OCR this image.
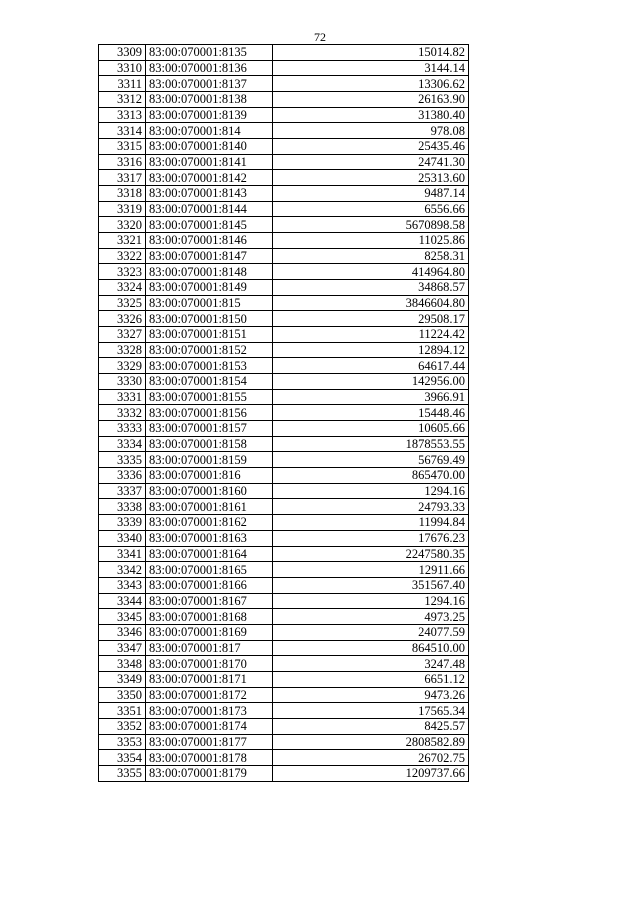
72
3309	83:00:070001:8135	15014.82
3310	83:00:070001:8136	3144.14
3311	83:00:070001:8137	13306.62
3312	83:00:070001:8138	26163.90
3313	83:00:070001:8139	31380.40
3314	83:00:070001:814	978.08
3315	83:00:070001:8140	25435.46
3316	83:00:070001:8141	24741.30
3317	83:00:070001:8142	25313.60
3318	83:00:070001:8143	9487.14
3319	83:00:070001:8144	6556.66
3320	83:00:070001:8145	5670898.58
3321	83:00:070001:8146	11025.86
3322	83:00:070001:8147	8258.31
3323	83:00:070001:8148	414964.80
3324	83:00:070001:8149	34868.57
3325	83:00:070001:815	3846604.80
3326	83:00:070001:8150	29508.17
3327	83:00:070001:8151	11224.42
3328	83:00:070001:8152	12894.12
3329	83:00:070001:8153	64617.44
3330	83:00:070001:8154	142956.00
3331	83:00:070001:8155	3966.91
3332	83:00:070001:8156	15448.46
3333	83:00:070001:8157	10605.66
3334	83:00:070001:8158	1878553.55
3335	83:00:070001:8159	56769.49
3336	83:00:070001:816	865470.00
3337	83:00:070001:8160	1294.16
3338	83:00:070001:8161	24793.33
3339	83:00:070001:8162	11994.84
3340	83:00:070001:8163	17676.23
3341	83:00:070001:8164	2247580.35
3342	83:00:070001:8165	12911.66
3343	83:00:070001:8166	351567.40
3344	83:00:070001:8167	1294.16
3345	83:00:070001:8168	4973.25
3346	83:00:070001:8169	24077.59
3347	83:00:070001:817	864510.00
3348	83:00:070001:8170	3247.48
3349	83:00:070001:8171	6651.12
3350	83:00:070001:8172	9473.26
3351	83:00:070001:8173	17565.34
3352	83:00:070001:8174	8425.57
3353	83:00:070001:8177	2808582.89
3354	83:00:070001:8178	26702.75
3355	83:00:070001:8179	1209737.66
